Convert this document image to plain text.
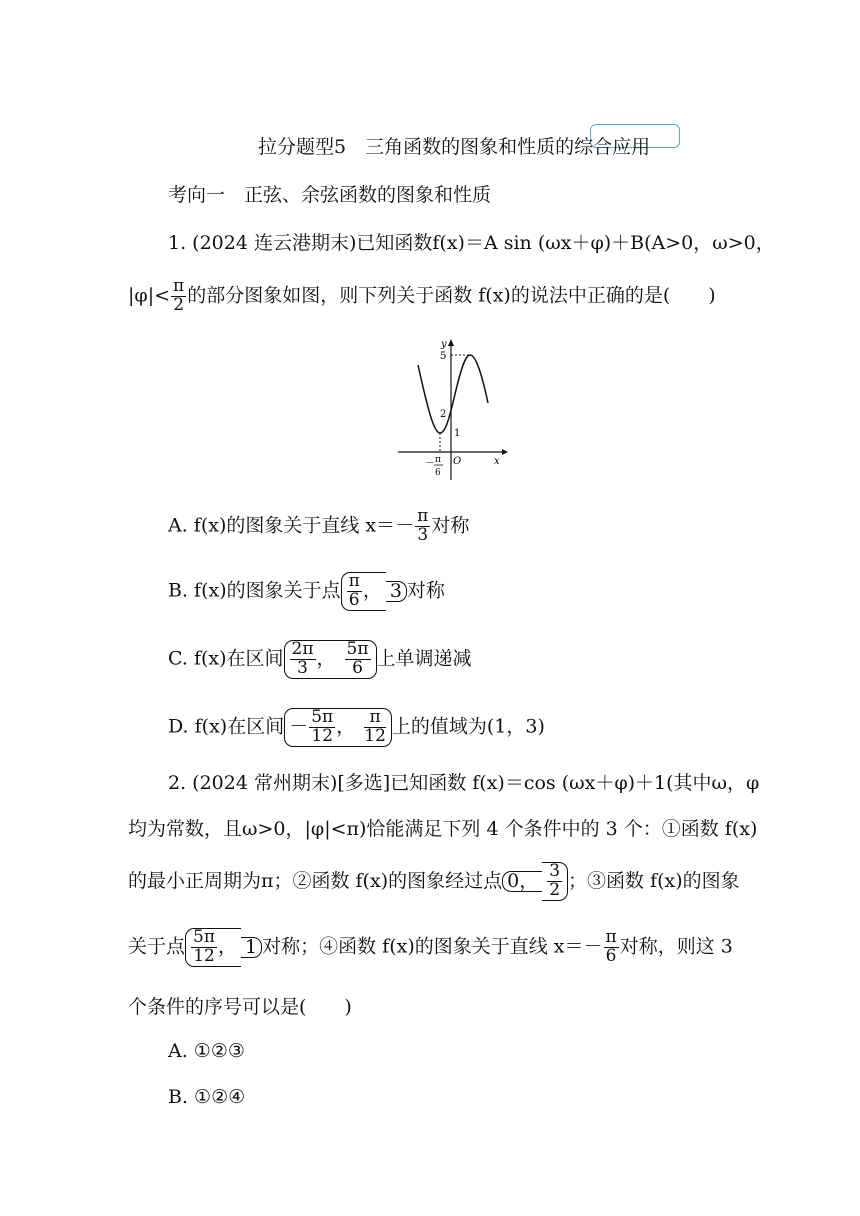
拉分题型5　三角函数的图象和性质的综合应用
考向一　正弦、余弦函数的图象和性质
1. (2024 连云港期末)已知函数f(x)＝A sin (ωx＋φ)＋B(A>0，ω>0，
$|\varphi|< \frac{\pi}{2}$ 的部分图象如图，则下列关于函数 f(x)的说法中正确的是(　　)
y
x
O
5
2
1
－ π
6
A. f(x)的图象关于直线 $x=- \frac{\pi}{3}$ 对称
B. f(x)的图象关于点 $\frac{\pi}{6}$ ， 3 对称
C. f(x)在区间 $\frac{2\pi}{3}$ ， $\frac{5\pi}{6}$ 上单调递减
D. f(x)在区间 － $\frac{5\pi}{12}$ ， $\frac{\pi}{12}$ 上的值域为(1，3)
2. (2024 常州期末)[多选]已知函数 f(x)＝cos (ωx＋φ)＋1(其中ω，φ
均为常数，且ω>0，|φ|<π)恰能满足下列 4 个条件中的 3 个：①函数 f(x)
的最小正周期为π；②函数 f(x)的图象经过点 0， $\frac{3}{2}$ ；③函数 f(x)的图象
关于点 $\frac{5\pi}{12}$ ， 1 对称；④函数 f(x)的图象关于直线 $x=- \frac{\pi}{6}$ 对称，则这 3
个条件的序号可以是(　　)
A. ①②③
B. ①②④
